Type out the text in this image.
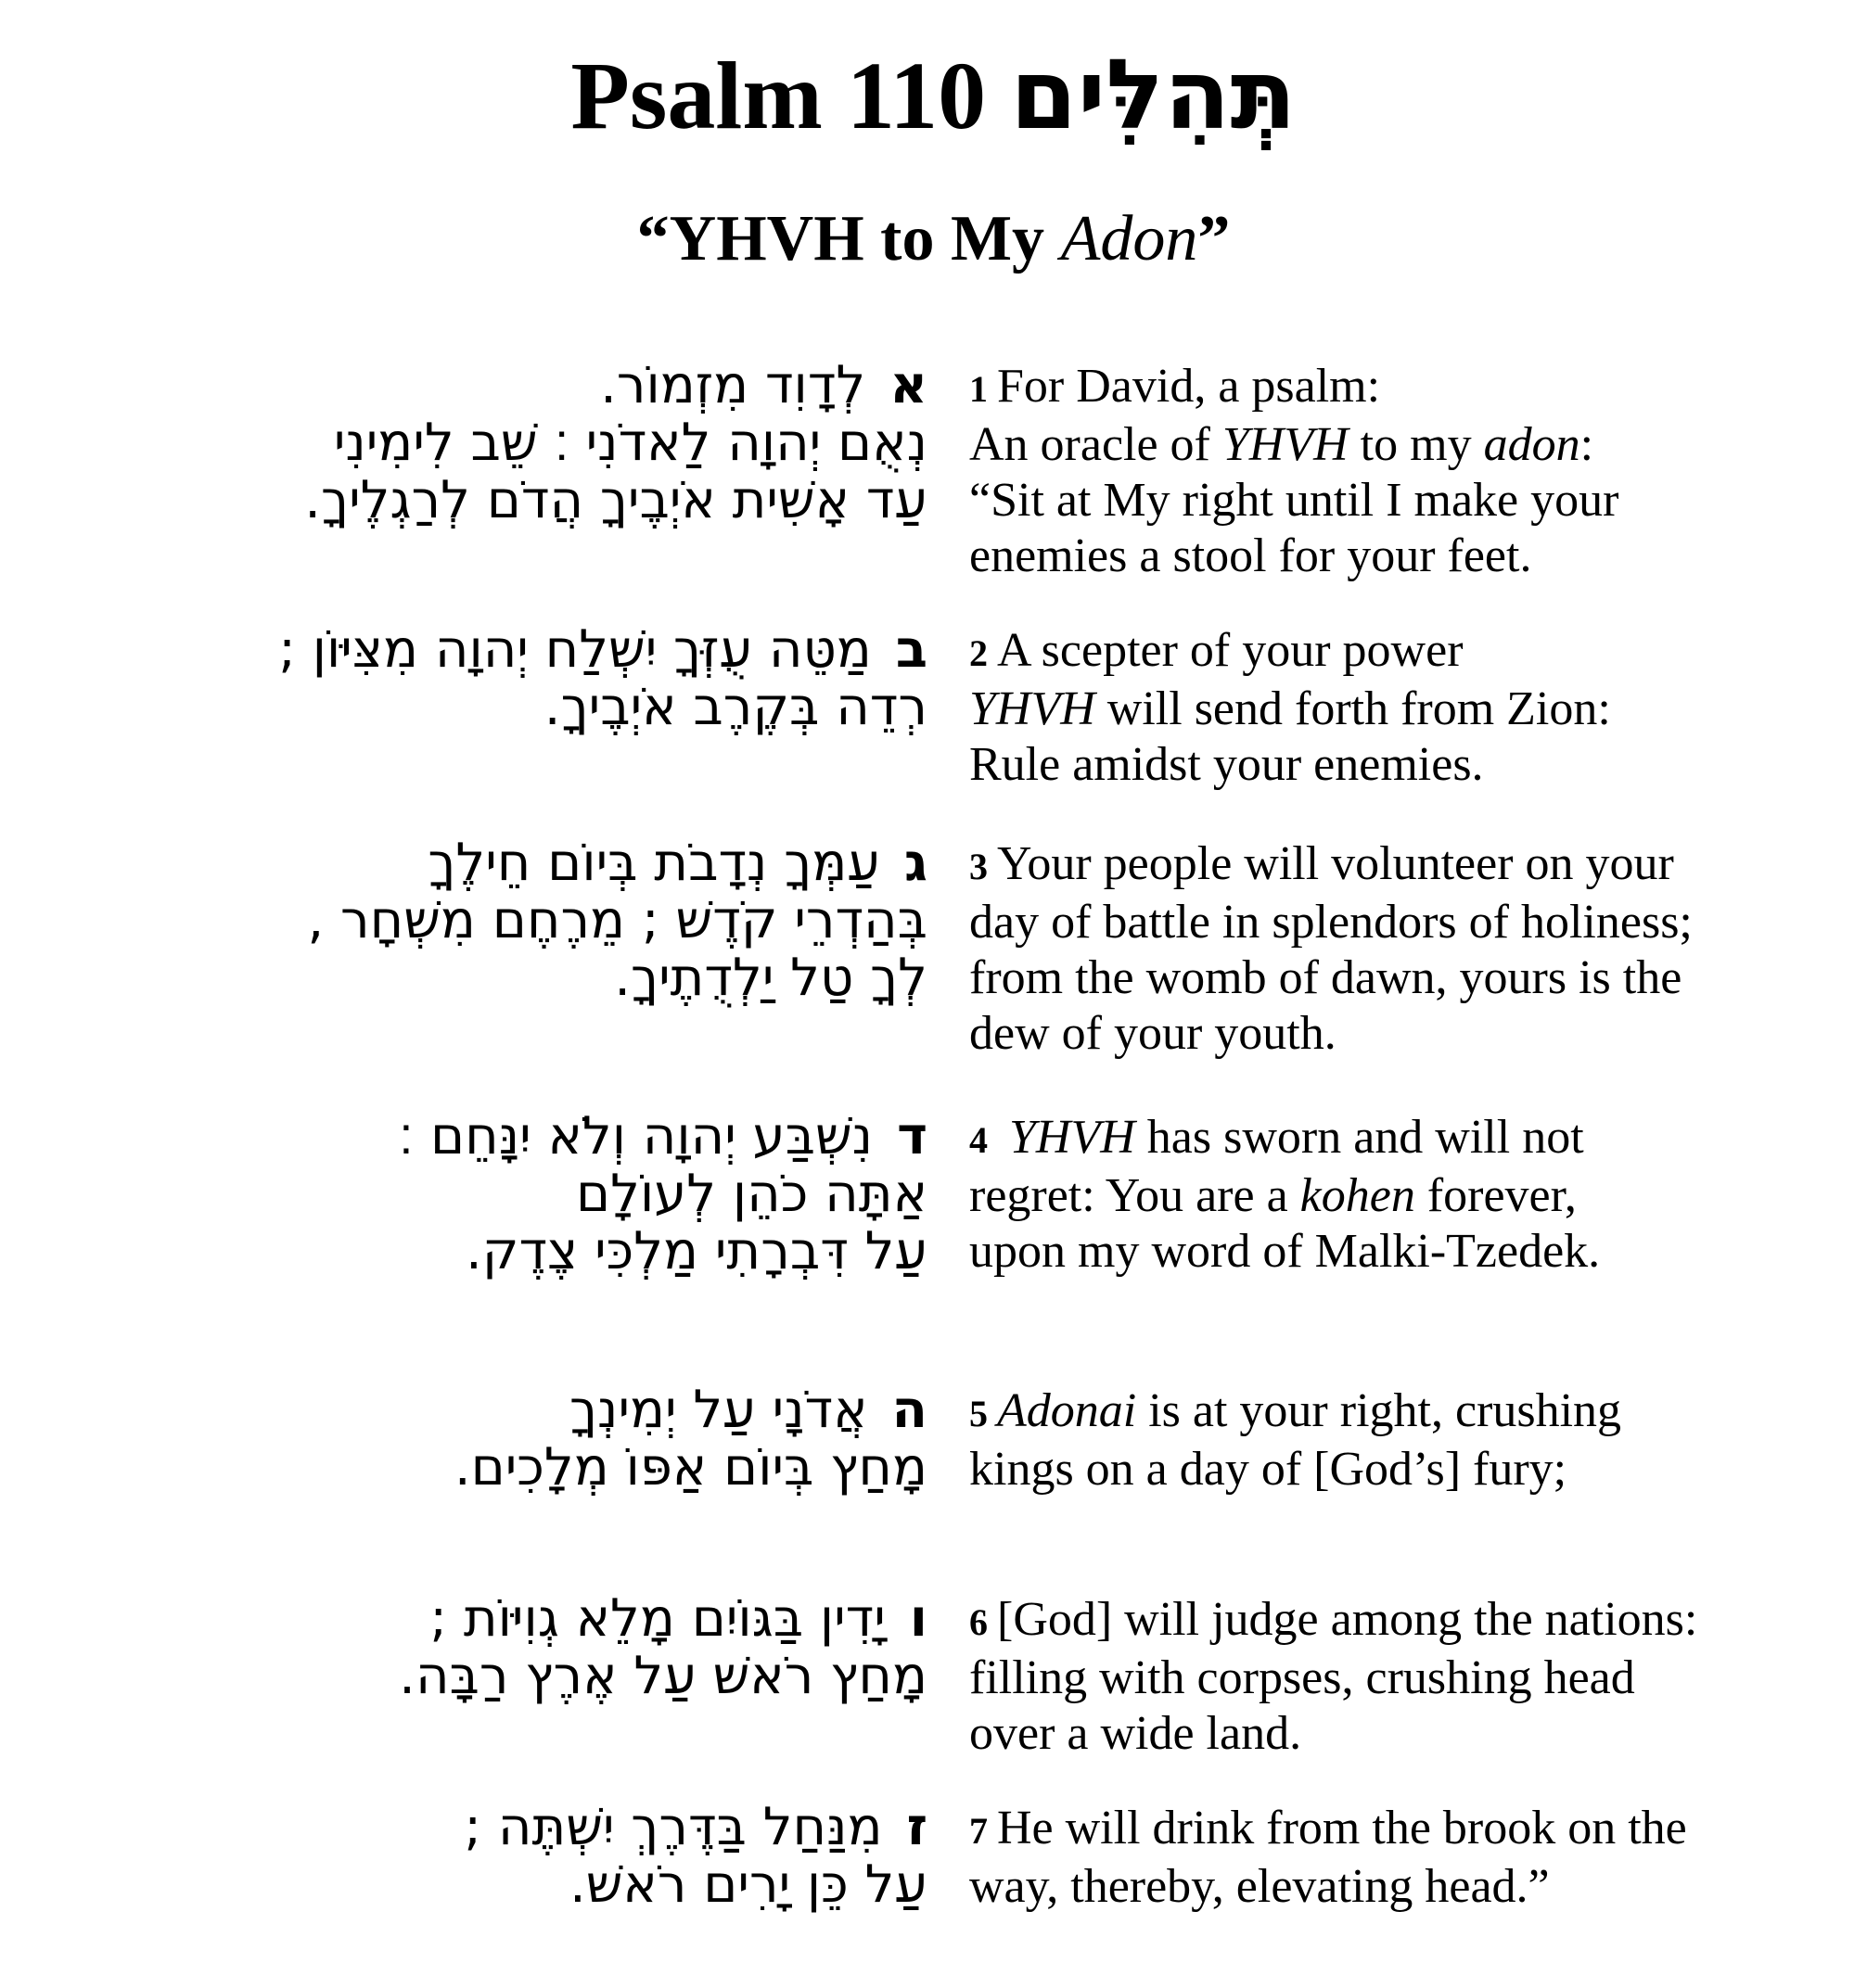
Psalm 110 תְּהִלִּים
“YHVH to My Adon”
אלְדָוִד מִזְמוֹר.
נְאֻם יְהוָה לַאדֹנִי ׃ שֵׁב לִימִינִי
עַד אָשִׁית אֹיְבֶיךָ הֲדֹם לְרַגְלֶיךָ.
1 For David, a psalm:
An oracle of YHVH to my adon:
“Sit at My right until I make your
enemies a stool for your feet.
במַטֵּה עֻזְּךָ יִשְׁלַח יְהוָה מִצִּיּוֹן ;
רְדֵה בְּקֶרֶב אֹיְבֶיךָ.
2 A scepter of your power
YHVH will send forth from Zion:
Rule amidst your enemies.
געַמְּךָ נְדָבֹת בְּיוֹם חֵילֶךָ
בְּהַדְרֵי קֹדֶשׁ ; מֵרֶחֶם מִשְׁחָר ,
לְךָ טַל יַלְדֻתֶיךָ.
3 Your people will volunteer on your
day of battle in splendors of holiness;
from the womb of dawn, yours is the
dew of your youth.
דנִשְׁבַּע יְהוָה וְלֹא יִנָּחֵם ׃
אַתָּה כֹהֵן לְעוֹלָם
עַל דִּבְרָתִי מַלְכִּי צֶדֶק.
4 YHVH has sworn and will not
regret: You are a kohen forever,
upon my word of Malki-Tzedek.
האֲדֹנָי עַל יְמִינְךָ
מָחַץ בְּיוֹם אַפּוֹ מְלָכִים.
5 Adonai is at your right, crushing
kings on a day of [God’s] fury;
ויָדִין בַּגּוֹיִם מָלֵא גְוִיּוֹת ;
מָחַץ רֹאשׁ עַל אֶרֶץ רַבָּה.
6 [God] will judge among the nations:
filling with corpses, crushing head
over a wide land.
זמִנַּחַל בַּדֶּרֶךְ יִשְׁתֶּה ;
עַל כֵּן יָרִים רֹאשׁ.
7 He will drink from the brook on the
way, thereby, elevating head.”
